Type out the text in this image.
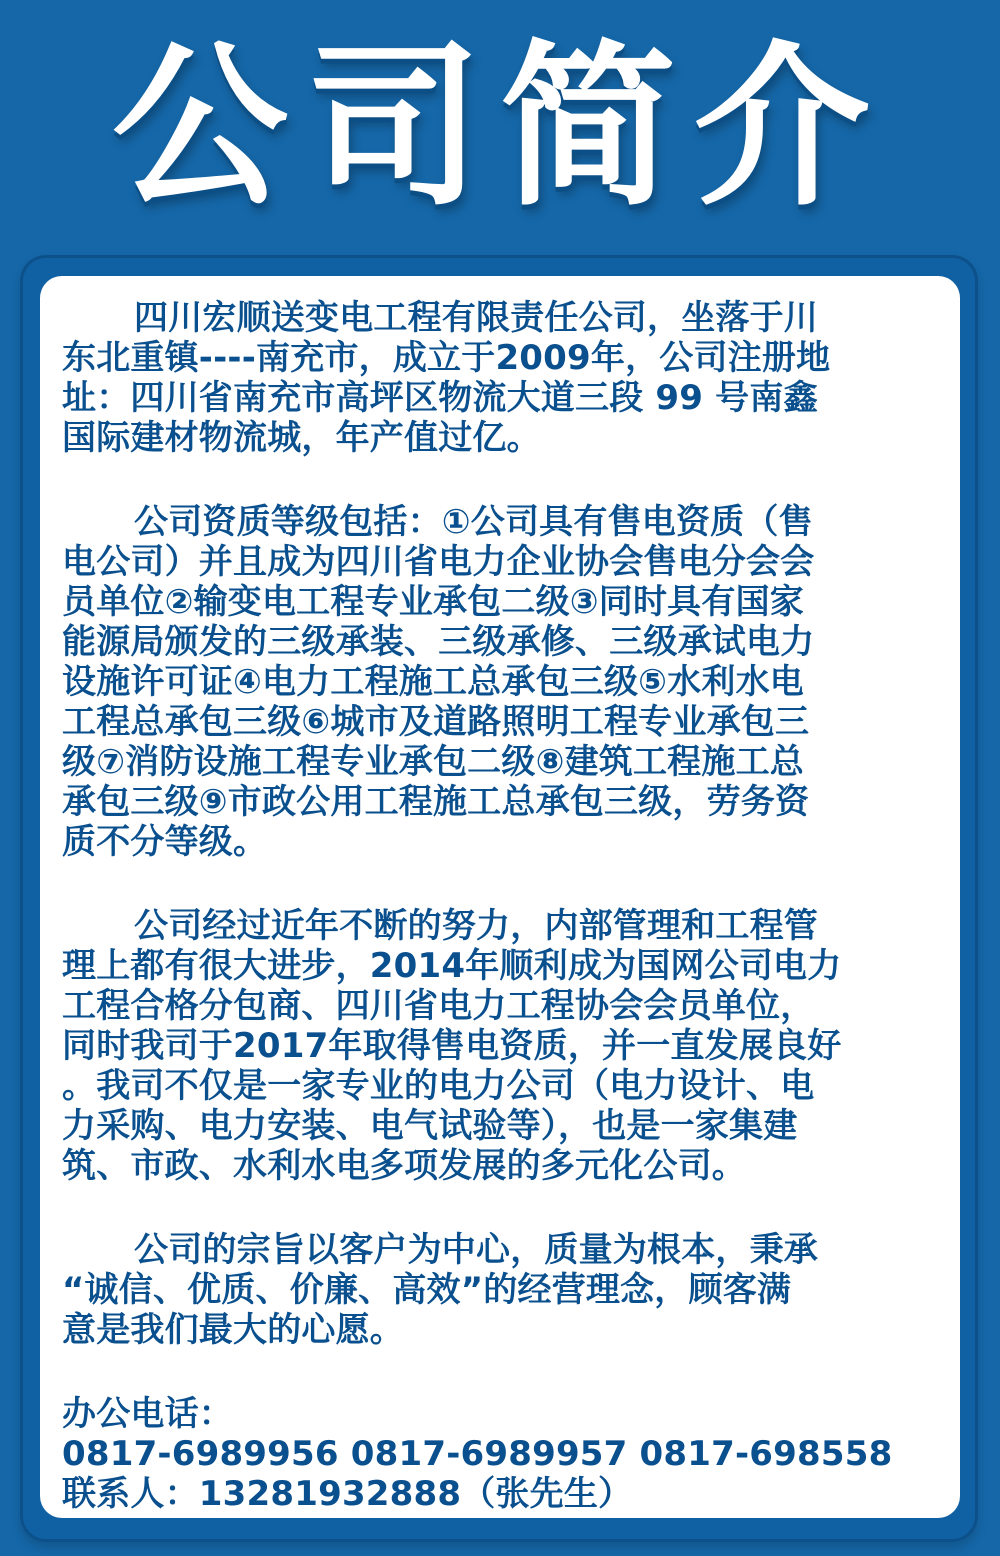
公司简介
四川宏顺送变电工程有限责任公司，坐落于川
东北重镇----南充市，成立于2009年，公司注册地
址：四川省南充市高坪区物流大道三段 99 号南鑫
国际建材物流城，年产值过亿。
公司资质等级包括：①公司具有售电资质（售
电公司）并且成为四川省电力企业协会售电分会会
员单位②输变电工程专业承包二级③同时具有国家
能源局颁发的三级承装、三级承修、三级承试电力
设施许可证④电力工程施工总承包三级⑤水利水电
工程总承包三级⑥城市及道路照明工程专业承包三
级⑦消防设施工程专业承包二级⑧建筑工程施工总
承包三级⑨市政公用工程施工总承包三级，劳务资
质不分等级。
公司经过近年不断的努力，内部管理和工程管
理上都有很大进步，2014年顺利成为国网公司电力
工程合格分包商、四川省电力工程协会会员单位，
同时我司于2017年取得售电资质，并一直发展良好
。我司不仅是一家专业的电力公司（电力设计、电
力采购、电力安装、电气试验等），也是一家集建
筑、市政、水利水电多项发展的多元化公司。
公司的宗旨以客户为中心，质量为根本，秉承
“诚信、优质、价廉、高效”的经营理念，顾客满
意是我们最大的心愿。
办公电话：
0817-6989956 0817-6989957 0817-698558
联系人：13281932888（张先生）
